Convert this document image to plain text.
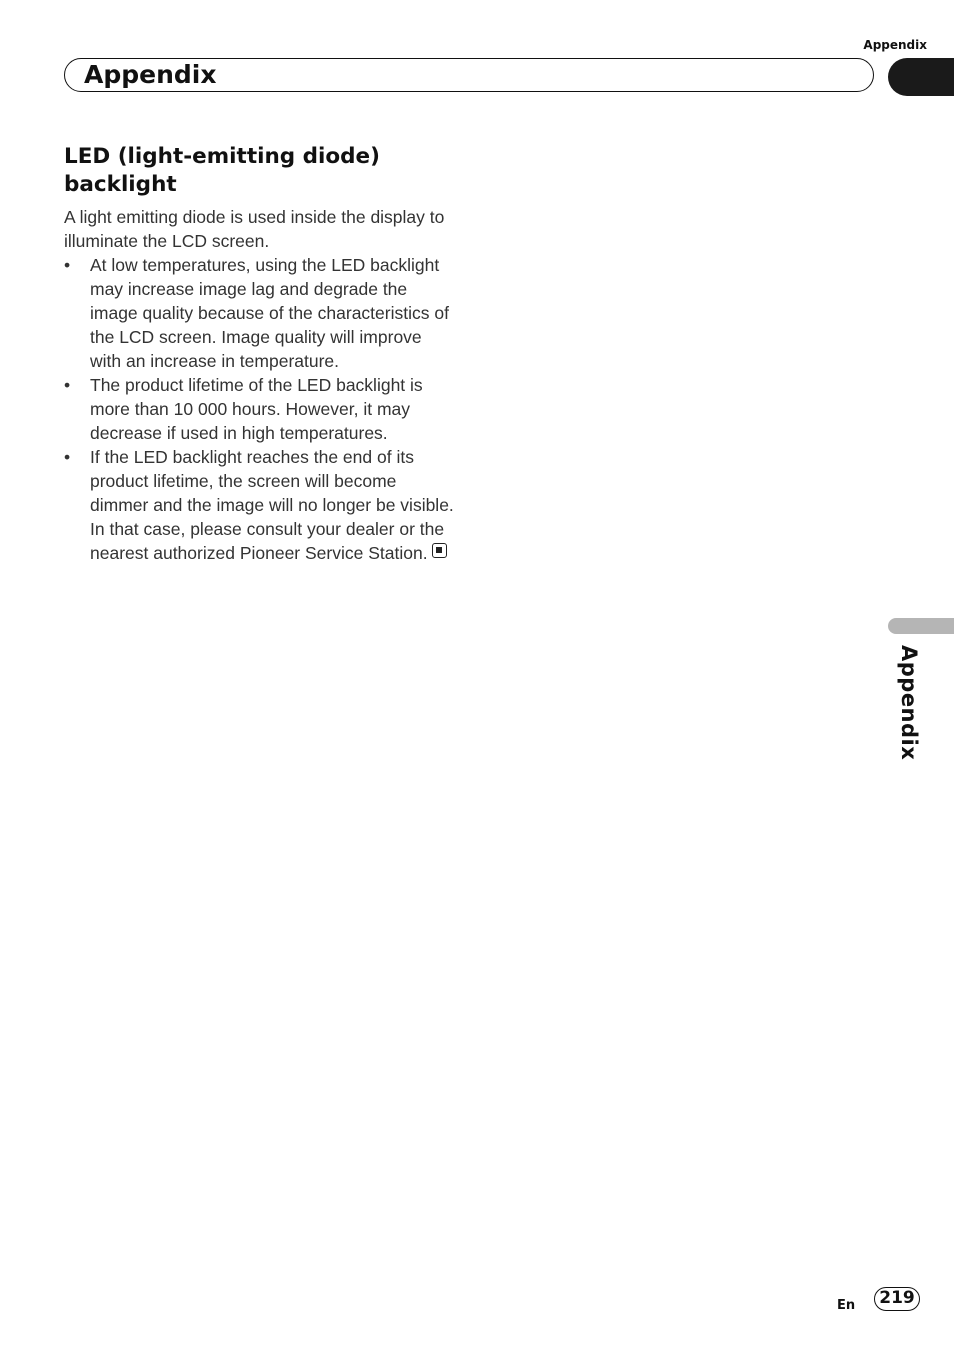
Appendix
Appendix
LED (light-emitting diode)
backlight

A light emitting diode is used inside the display to illuminate the LCD screen.

• At low temperatures, using the LED backlight may increase image lag and degrade the image quality because of the characteristics of the LCD screen. Image quality will improve with an increase in temperature.
• The product lifetime of the LED backlight is more than 10 000 hours. However, it may decrease if used in high temperatures.
• If the LED backlight reaches the end of its product lifetime, the screen will become dimmer and the image will no longer be visible. In that case, please consult your dealer or the nearest authorized Pioneer Service Station.
Appendix
En	219
